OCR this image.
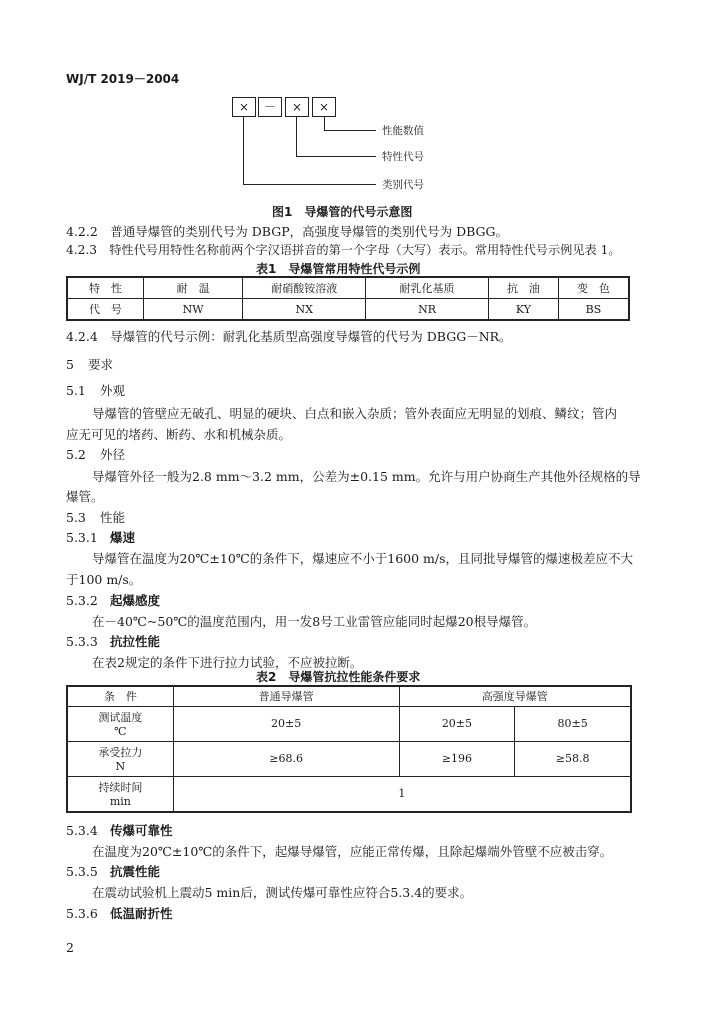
WJ/T 2019－2004
×	－	×	×
性能数值
特性代号
类别代号
图1　导爆管的代号示意图
4.2.2　普通导爆管的类别代号为 DBGP，高强度导爆管的类别代号为 DBGG。
4.2.3　特性代号用特性名称前两个字汉语拼音的第一个字母（大写）表示。常用特性代号示例见表 1。
表1　导爆管常用特性代号示例
特　性	耐　温	耐硝酸铵溶液	耐乳化基质	抗　油	变　色
代　号	NW	NX	NR	KY	BS
4.2.4　导爆管的代号示例：耐乳化基质型高强度导爆管的代号为 DBGG－NR。
5 要求
5.1 外观
导爆管的管壁应无破孔、明显的硬块、白点和嵌入杂质；管外表面应无明显的划痕、鳞纹；管内
应无可见的堵药、断药、水和机械杂质。
5.2 外径
导爆管外径一般为2.8 mm～3.2 mm，公差为±0.15 mm。允许与用户协商生产其他外径规格的导
爆管。
5.3 性能
5.3.1 爆速
导爆管在温度为20℃±10℃的条件下，爆速应不小于1600 m/s，且同批导爆管的爆速极差应不大
于100 m/s。
5.3.2 起爆感度
在－40℃~50℃的温度范围内，用一发8号工业雷管应能同时起爆20根导爆管。
5.3.3 抗拉性能
在表2规定的条件下进行拉力试验，不应被拉断。
表2　导爆管抗拉性能条件要求
条　件	普通导爆管	高强度导爆管	

测试温度
℃	20±5	20±5	80±5

承受拉力
N	≥68.6	≥196	≥58.8

持续时间
min	1		
5.3.4 传爆可靠性
在温度为20℃±10℃的条件下，起爆导爆管，应能正常传爆，且除起爆端外管壁不应被击穿。
5.3.5 抗震性能
在震动试验机上震动5 min后，测试传爆可靠性应符合5.3.4的要求。
5.3.6 低温耐折性
2
